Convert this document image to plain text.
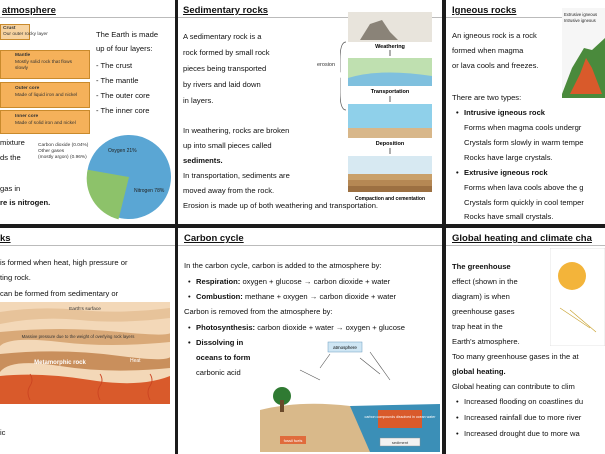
atmosphere
Crust
Our outer rocky layer
Mantle
Mostly solid rock that flows
slowly
Outer core
Made of liquid iron and nickel
Inner core
Made of solid iron and nickel
The Earth is made
up of four layers:
- The crust
- The mantle
- The outer core
- The inner core
mixture
ds the
gas in
re is nitrogen.
Carbon dioxide (0.04%)
Other gases
(mostly argon) (0.96%)
Oxygen 21%
Nitrogen 78%
Sedimentary rocks
A sedimentary rock is a
rock formed by small rock
pieces being transported
by rivers and laid down
in layers.
In weathering, rocks are broken
up into small pieces called
sediments.
In transportation, sediments are
moved away from the rock.
Erosion is made up of both weathering and transportation.
erosion
Weathering
Transportation
Deposition
Compaction and cementation
Igneous rocks
An igneous rock is a rock
formed when magma
or lava cools and freezes.
There are two types:
• Intrusive igneous rock
Forms when magma cools undergr
Crystals form slowly in warm tempe
Rocks have large crystals.
• Extrusive igneous rock
Forms when lava cools above the g
Crystals form quickly in cool temper
Rocks have small crystals.
Extrusive igneous
Intrusive igneous
ks
is formed when heat, high pressure or
ting rock.
can be formed from sedimentary or
Earth's surface
Massive pressure due to the weight of overlying rock layers
Metamorphic rock	Heat
ic
Carbon cycle
In the carbon cycle, carbon is added to the atmosphere by:
• Respiration: oxygen + glucose → carbon dioxide + water
• Combustion: methane + oxygen → carbon dioxide + water
Carbon is removed from the atmosphere by:
• Photosynthesis: carbon dioxide + water → oxygen + glucose
• Dissolving in
oceans to form
carbonic acid
atmosphere
carbon compounds dissolved in ocean water
fossil fuels	sediment
Global heating and climate cha
The greenhouse
effect (shown in the
diagram) is when
greenhouse gases
trap heat in the
Earth's atmosphere.
Too many greenhouse gases in the at
global heating.
Global heating can contribute to clim
• Increased flooding on coastlines du
• Increased rainfall due to more river
• Increased drought due to more wa
